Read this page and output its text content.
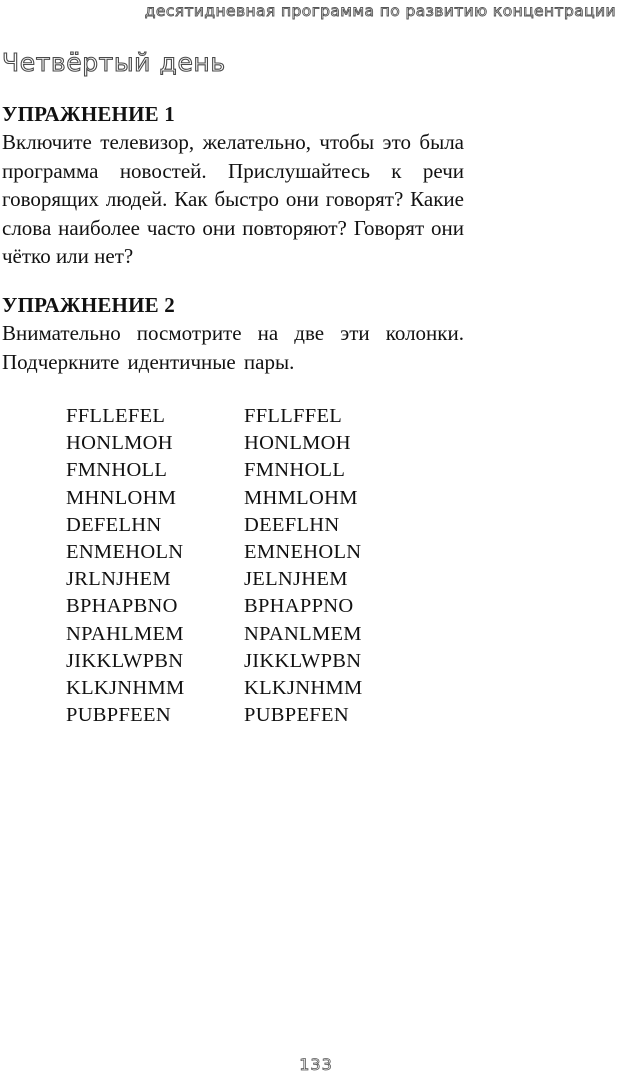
десятидневная программа по развитию концентрации
Четвёртый день

УПРАЖНЕНИЕ 1

Включите телевизор, желательно, чтобы это была программа новостей. Прислушайтесь к речи говорящих людей. Как быстро они говорят? Какие слова наиболее часто они повторяют? Говорят они чётко или нет?

УПРАЖНЕНИЕ 2

Внимательно посмотрите на две эти колонки. Подчеркните идентичные пары.

FFLLEFEL	FFLLFFEL
HONLMOH	HONLMOH
FMNHOLL	FMNHOLL
MHNLOHM	MHMLOHM
DEFELHN	DEEFLHN
ENMEHOLN	EMNEHOLN
JRLNJHEM	JELNJHEM
BPHAPBNO	BPHAPPNO
NPAHLMEM	NPANLMEM
JIKKLWPBN	JIKKLWPBN
KLKJNHMM	KLKJNHMM
PUBPFEEN	PUBPEFEN
133
